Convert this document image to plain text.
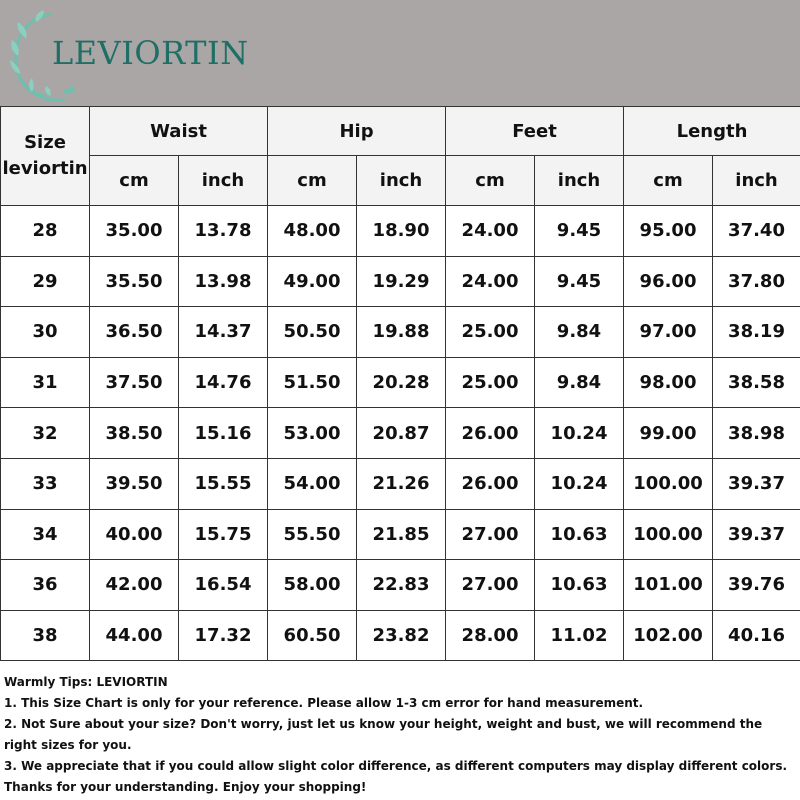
LEVIORTIN
Size
leviortin	Waist		Hip		Feet		Length	
	cm	inch	cm	inch	cm	inch	cm	inch
28	35.00	13.78	48.00	18.90	24.00	9.45	95.00	37.40
29	35.50	13.98	49.00	19.29	24.00	9.45	96.00	37.80
30	36.50	14.37	50.50	19.88	25.00	9.84	97.00	38.19
31	37.50	14.76	51.50	20.28	25.00	9.84	98.00	38.58
32	38.50	15.16	53.00	20.87	26.00	10.24	99.00	38.98
33	39.50	15.55	54.00	21.26	26.00	10.24	100.00	39.37
34	40.00	15.75	55.50	21.85	27.00	10.63	100.00	39.37
36	42.00	16.54	58.00	22.83	27.00	10.63	101.00	39.76
38	44.00	17.32	60.50	23.82	28.00	11.02	102.00	40.16
Warmly Tips: LEVIORTIN
1. This Size Chart is only for your reference. Please allow 1-3 cm error for hand measurement.
2. Not Sure about your size? Don't worry, just let us know your height, weight and bust, we will recommend the right sizes for you.
3. We appreciate that if you could allow slight color difference, as different computers may display different colors.
Thanks for your understanding. Enjoy your shopping!
